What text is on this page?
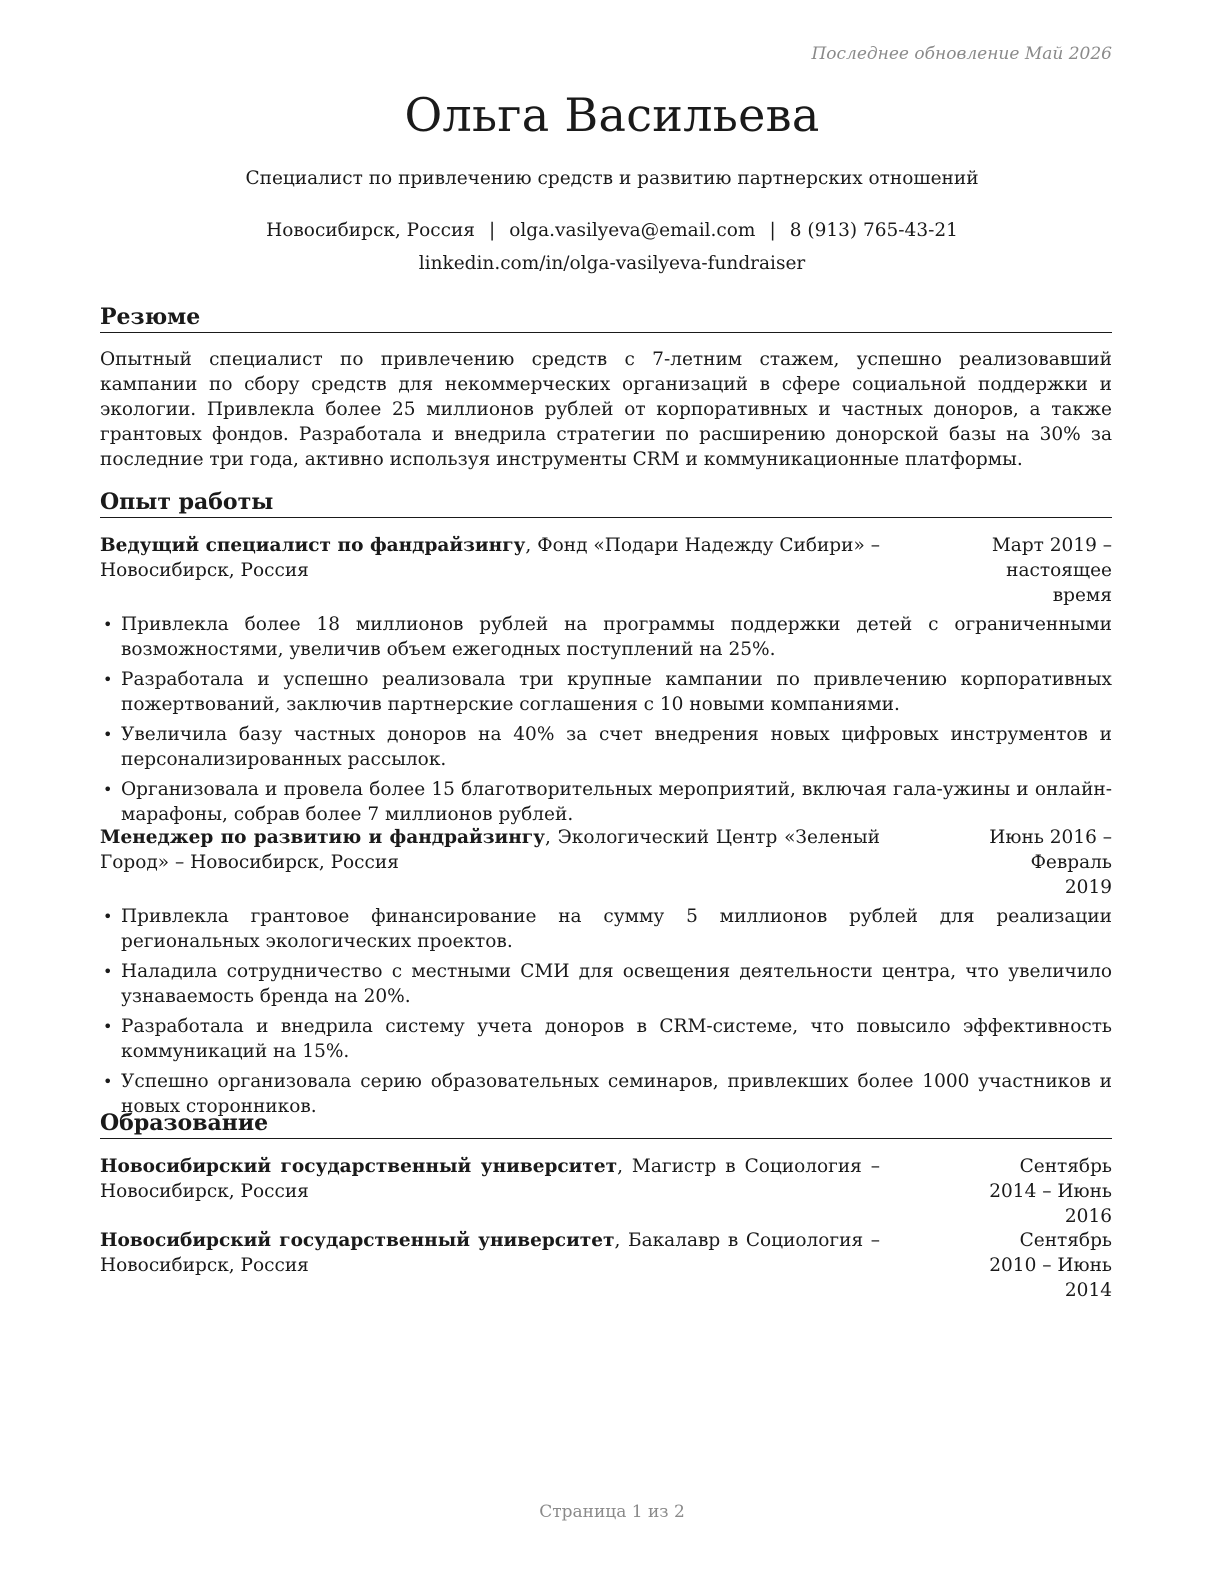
Последнее обновление Май 2026
Ольга Васильева
Специалист по привлечению средств и развитию партнерских отношений
Новосибирск, Россия | olga.vasilyeva@email.com | 8 (913) 765-43-21
linkedin.com/in/olga-vasilyeva-fundraiser
Резюме

Опытный специалист по привлечению средств с 7-летним стажем, успешно реализовавший кампании по сбору средств для некоммерческих организаций в сфере социальной поддержки и экологии. Привлекла более 25 миллионов рублей от корпоративных и частных доноров, а также грантовых фондов. Разработала и внедрила стратегии по расширению донорской базы на 30% за последние три года, активно используя инструменты CRM и коммуникационные платформы.

Опыт работы
Ведущий специалист по фандрайзингу, Фонд «Подари Надежду Сибири» – Новосибирск, Россия
Март 2019 – настоящее время
• Привлекла более 18 миллионов рублей на программы поддержки детей с ограниченными возможностями, увеличив объем ежегодных поступлений на 25%.
• Разработала и успешно реализовала три крупные кампании по привлечению корпоративных пожертвований, заключив партнерские соглашения с 10 новыми компаниями.
• Увеличила базу частных доноров на 40% за счет внедрения новых цифровых инструментов и персонализированных рассылок.
• Организовала и провела более 15 благотворительных мероприятий, включая гала-ужины и онлайн-марафоны, собрав более 7 миллионов рублей.
Менеджер по развитию и фандрайзингу, Экологический Центр «Зеленый Город» – Новосибирск, Россия
Июнь 2016 – Февраль 2019
• Привлекла грантовое финансирование на сумму 5 миллионов рублей для реализации региональных экологических проектов.
• Наладила сотрудничество с местными СМИ для освещения деятельности центра, что увеличило узнаваемость бренда на 20%.
• Разработала и внедрила систему учета доноров в CRM-системе, что повысило эффективность коммуникаций на 15%.
• Успешно организовала серию образовательных семинаров, привлекших более 1000 участников и новых сторонников.
Образование
Новосибирский государственный университет, Магистр в Социология – Новосибирск, Россия
Сентябрь 2014 – Июнь 2016
Новосибирский государственный университет, Бакалавр в Социология – Новосибирск, Россия
Сентябрь 2010 – Июнь 2014
Страница 1 из 2
